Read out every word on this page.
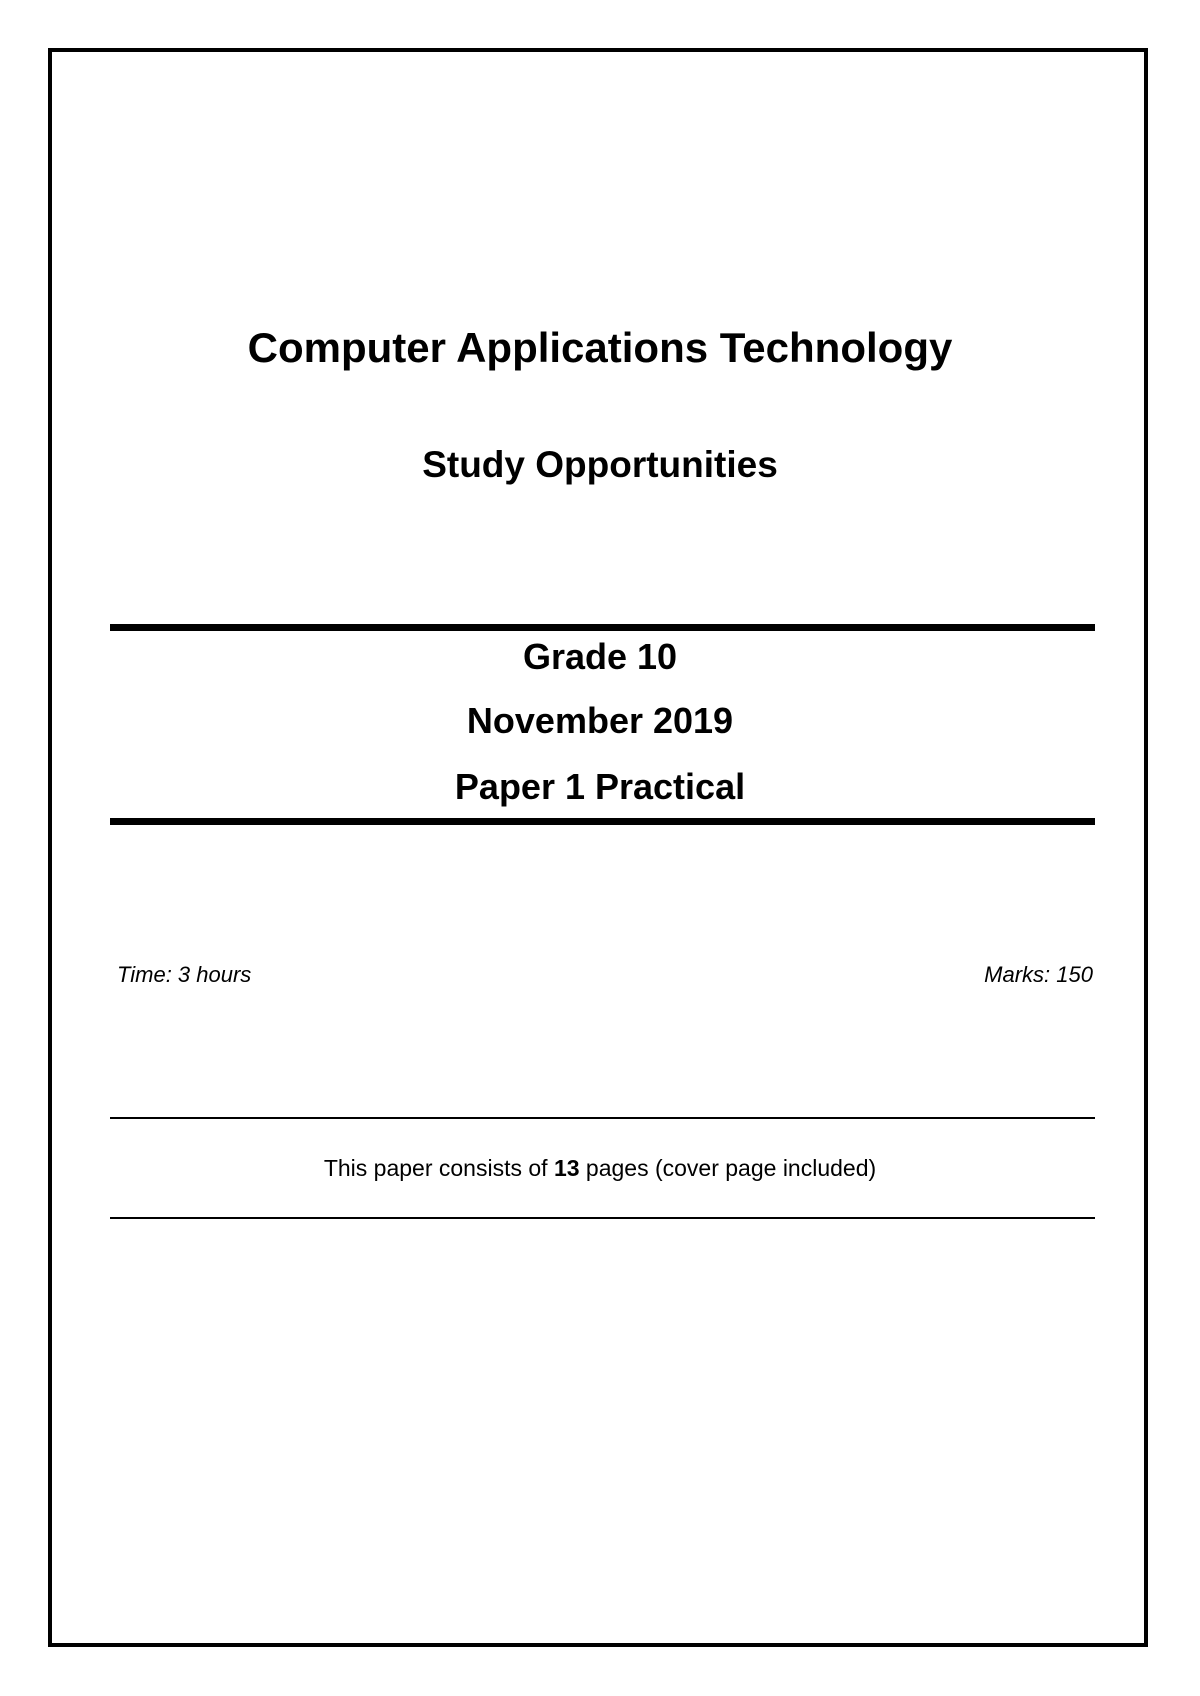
Computer Applications Technology
Study Opportunities
Grade 10
November 2019
Paper 1 Practical
Time: 3 hours	Marks: 150
This paper consists of 13 pages (cover page included)
